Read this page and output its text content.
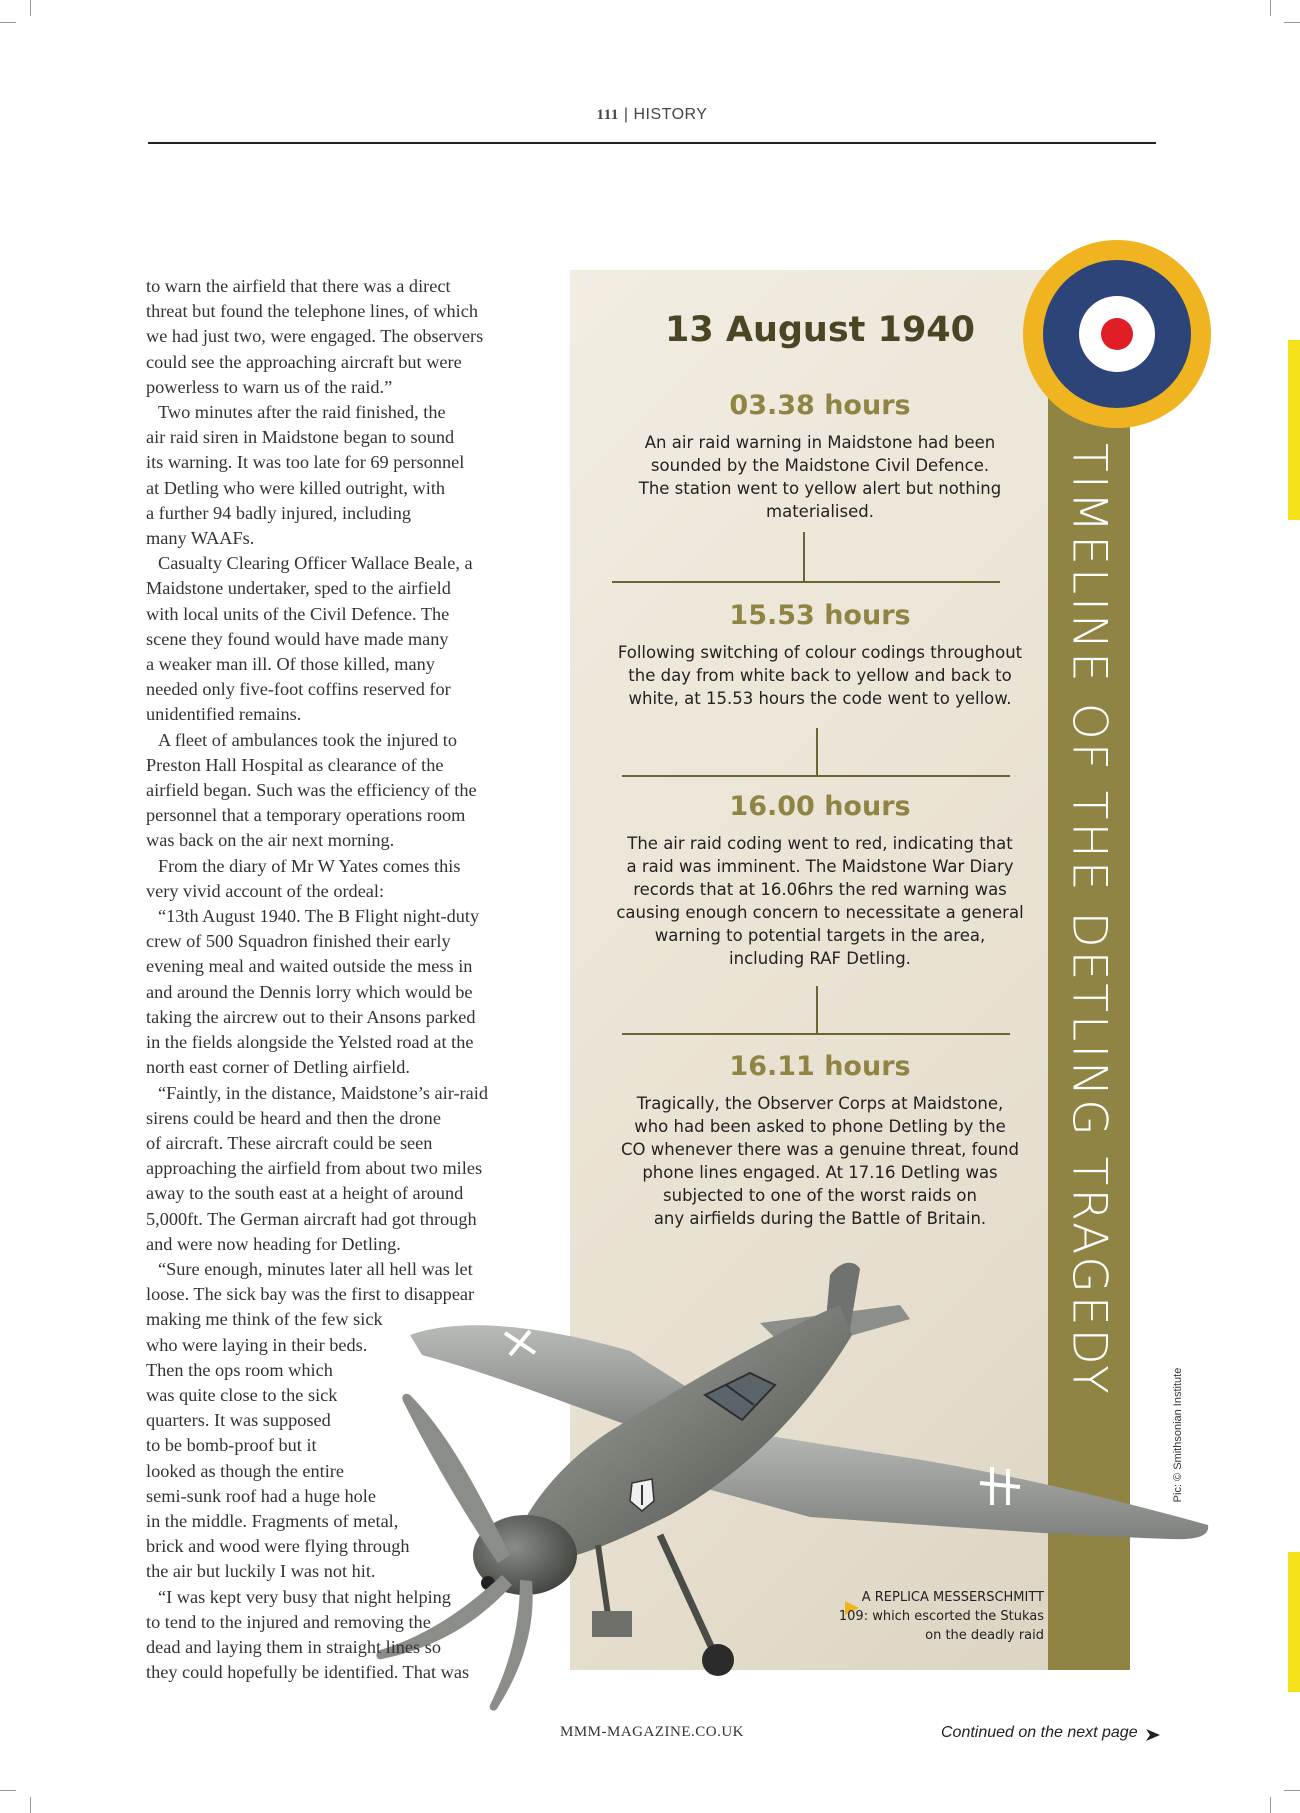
111 | HISTORY
TIMELINE OF THE DETLING TRAGEDY
13 August 1940
03.38 hours
An air raid warning in Maidstone had been
sounded by the Maidstone Civil Defence.
The station went to yellow alert but nothing
materialised.
15.53 hours
Following switching of colour codings throughout
the day from white back to yellow and back to
white, at 15.53 hours the code went to yellow.
16.00 hours
The air raid coding went to red, indicating that
a raid was imminent. The Maidstone War Diary
records that at 16.06hrs the red warning was
causing enough concern to necessitate a general
warning to potential targets in the area,
including RAF Detling.
16.11 hours
Tragically, the Observer Corps at Maidstone,
who had been asked to phone Detling by the
CO whenever there was a genuine threat, found
phone lines engaged. At 17.16 Detling was
subjected to one of the worst raids on
any airfields during the Battle of Britain.
A REPLICA MESSERSCHMITT
109: which escorted the Stukas
on the deadly raid
Pic: © Smithsonian Institute
to warn the airfield that there was a direct
threat but found the telephone lines, of which
we had just two, were engaged. The observers
could see the approaching aircraft but were
powerless to warn us of the raid.”
Two minutes after the raid finished, the
air raid siren in Maidstone began to sound
its warning. It was too late for 69 personnel
at Detling who were killed outright, with
a further 94 badly injured, including
many WAAFs.
Casualty Clearing Officer Wallace Beale, a
Maidstone undertaker, sped to the airfield
with local units of the Civil Defence. The
scene they found would have made many
a weaker man ill. Of those killed, many
needed only five-foot coffins reserved for
unidentified remains.
A fleet of ambulances took the injured to
Preston Hall Hospital as clearance of the
airfield began. Such was the efficiency of the
personnel that a temporary operations room
was back on the air next morning.
From the diary of Mr W Yates comes this
very vivid account of the ordeal:
“13th August 1940. The B Flight night-duty
crew of 500 Squadron finished their early
evening meal and waited outside the mess in
and around the Dennis lorry which would be
taking the aircrew out to their Ansons parked
in the fields alongside the Yelsted road at the
north east corner of Detling airfield.
“Faintly, in the distance, Maidstone’s air-raid
sirens could be heard and then the drone
of aircraft. These aircraft could be seen
approaching the airfield from about two miles
away to the south east at a height of around
5,000ft. The German aircraft had got through
and were now heading for Detling.
“Sure enough, minutes later all hell was let
loose. The sick bay was the first to disappear
making me think of the few sick
who were laying in their beds.
Then the ops room which
was quite close to the sick
quarters. It was supposed
to be bomb-proof but it
looked as though the entire
semi-sunk roof had a huge hole
in the middle. Fragments of metal,
brick and wood were flying through
the air but luckily I was not hit.
“I was kept very busy that night helping
to tend to the injured and removing the
dead and laying them in straight lines so
they could hopefully be identified. That was
MMM-MAGAZINE.CO.UK	Continued on the next page
